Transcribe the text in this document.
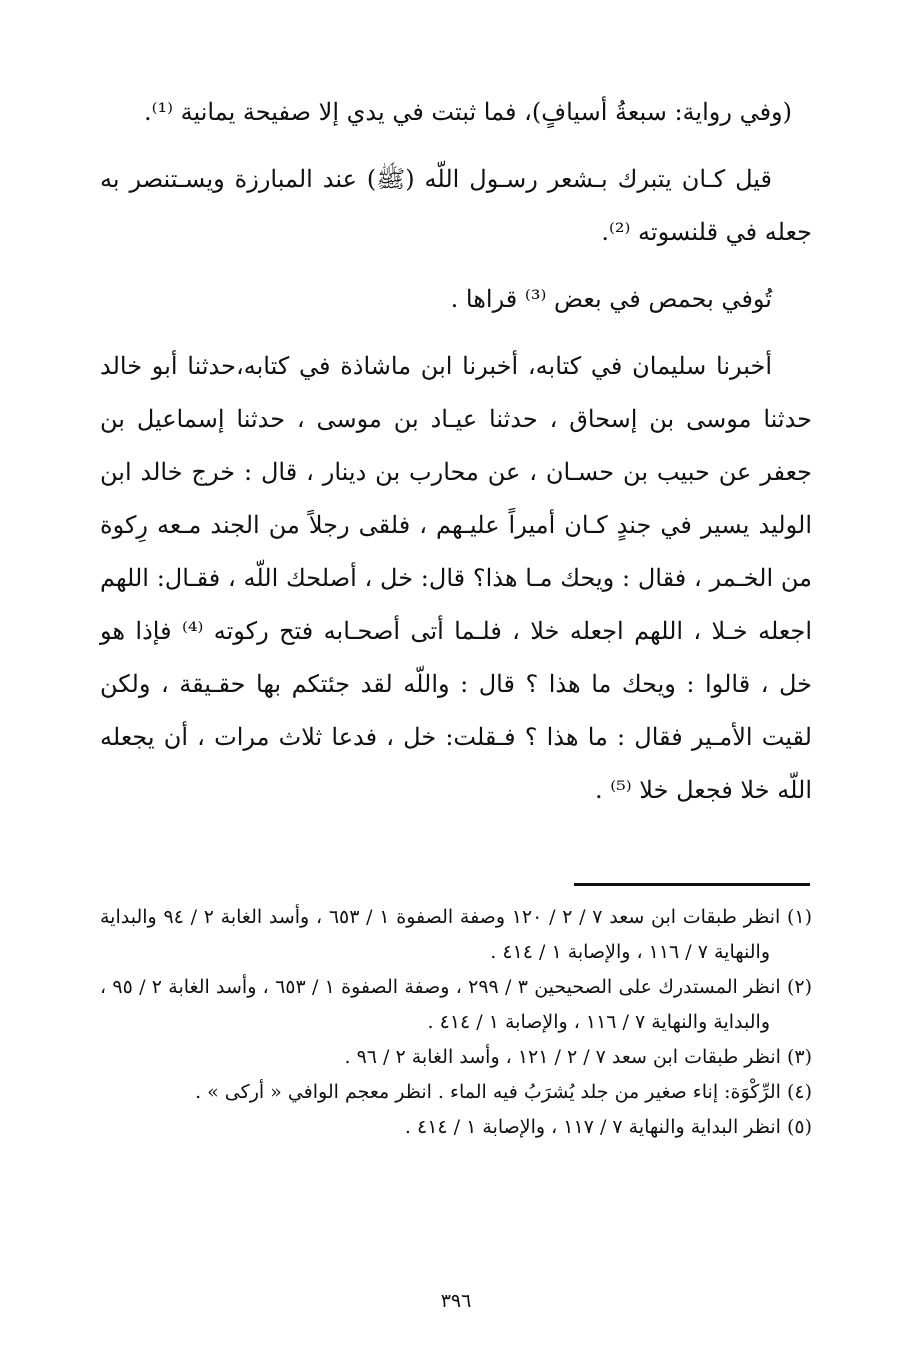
(وفي رواية: سبعةُ أسيافٍ)، فما ثبتت في يدي إلا صفيحة يمانية ⁽¹⁾.

قيل كـان يتبرك بـشعر رسـول اللّه (ﷺ) عند المبارزة ويسـتنصر به جعله في قلنسوته ⁽²⁾.

تُوفي بحمص في بعض ⁽³⁾ قراها .

أخبرنا سليمان في كتابه، أخبرنا ابن ماشاذة في كتابه،حدثنا أبو خالد حدثنا موسى بن إسحاق ، حدثنا عيـاد بن موسى ، حدثنا إسماعيل بن جعفر عن حبيب بن حسـان ، عن محارب بن دينار ، قال : خرج خالد ابن الوليد يسير في جندٍ كـان أميراً عليـهم ، فلقى رجلاً من الجند مـعه رِكوة من الخـمر ، فقال : ويحك مـا هذا؟ قال: خل ، أصلحك اللّه ، فقـال: اللهم اجعله خـلا ، اللهم اجعله خلا ، فلـما أتى أصحـابه فتح ركوته ⁽⁴⁾ فإذا هو خل ، قالوا : ويحك ما هذا ؟ قال : واللّه لقد جئتكم بها حقـيقة ، ولكن لقيت الأمـير فقال : ما هذا ؟ فـقلت: خل ، فدعا ثلاث مرات ، أن يجعله اللّه خلا فجعل خلا ⁽⁵⁾ .

(١) انظر طبقات ابن سعد ٧ / ٢ / ١٢٠ وصفة الصفوة ١ / ٦٥٣ ، وأسد الغابة ٢ / ٩٤ والبداية والنهاية ٧ / ١١٦ ، والإصابة ١ / ٤١٤ .

(٢) انظر المستدرك على الصحيحين ٣ / ٢٩٩ ، وصفة الصفوة ١ / ٦٥٣ ، وأسد الغابة ٢ / ٩٥ ، والبداية والنهاية ٧ / ١١٦ ، والإصابة ١ / ٤١٤ .

(٣) انظر طبقات ابن سعد ٧ / ٢ / ١٢١ ، وأسد الغابة ٢ / ٩٦ .

(٤) الرِّكْوَة: إناء صغير من جلد يُشرَبُ فيه الماء . انظر معجم الوافي « أركى » .

(٥) انظر البداية والنهاية ٧ / ١١٧ ، والإصابة ١ / ٤١٤ .

٣٩٦
